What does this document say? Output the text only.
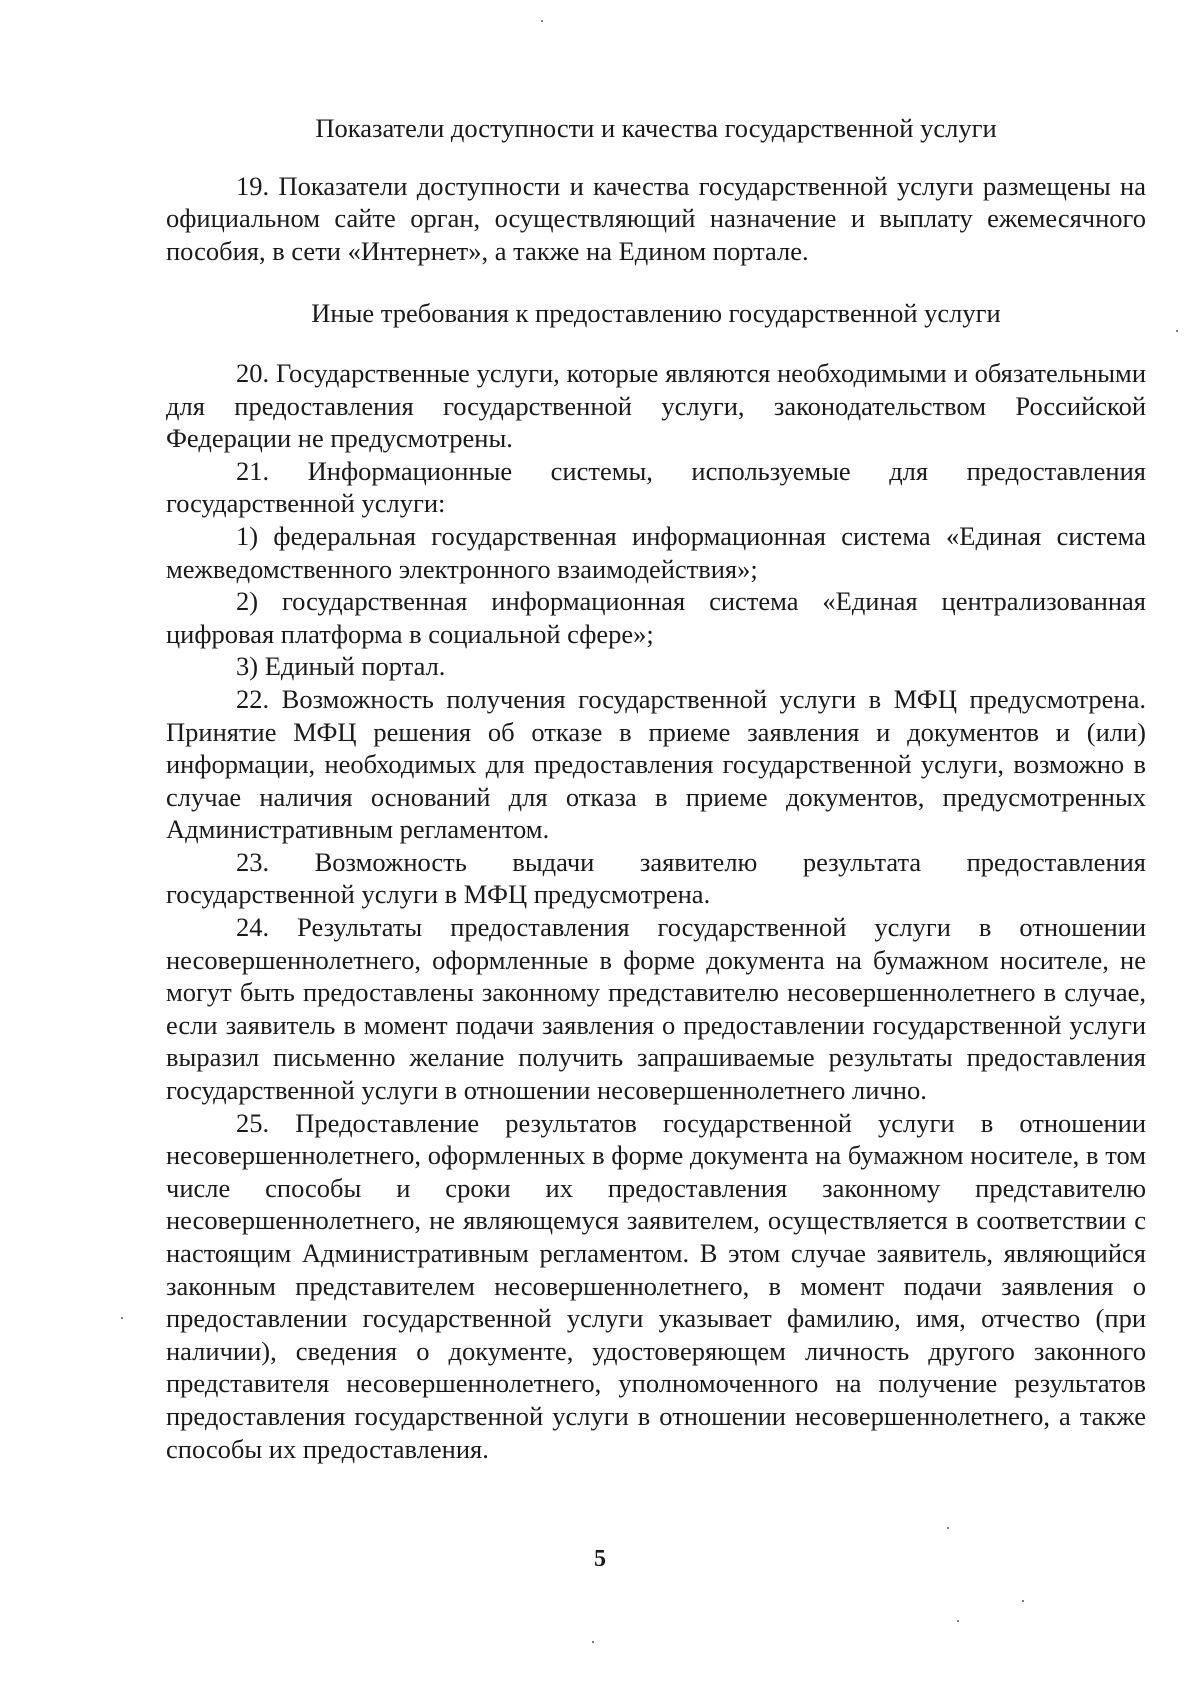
Показатели доступности и качества государственной услуги

19. Показатели доступности и качества государственной услуги размещены на официальном сайте орган, осуществляющий назначение и выплату ежемесячного пособия, в сети «Интернет», а также на Едином портале.

Иные требования к предоставлению государственной услуги

20. Государственные услуги, которые являются необходимыми и обязательными для предоставления государственной услуги, законодательством Российской Федерации не предусмотрены.

21. Информационные системы, используемые для предоставления государственной услуги:

1) федеральная государственная информационная система «Единая система межведомственного электронного взаимодействия»;

2) государственная информационная система «Единая централизованная цифровая платформа в социальной сфере»;

3) Единый портал.

22. Возможность получения государственной услуги в МФЦ предусмотрена. Принятие МФЦ решения об отказе в приеме заявления и документов и (или) информации, необходимых для предоставления государственной услуги, возможно в случае наличия оснований для отказа в приеме документов, предусмотренных Административным регламентом.

23. Возможность выдачи заявителю результата предоставления государственной услуги в МФЦ предусмотрена.

24. Результаты предоставления государственной услуги в отношении несовершеннолетнего, оформленные в форме документа на бумажном носителе, не могут быть предоставлены законному представителю несовершеннолетнего в случае, если заявитель в момент подачи заявления о предоставлении государственной услуги выразил письменно желание получить запрашиваемые результаты предоставления государственной услуги в отношении несовершеннолетнего лично.

25. Предоставление результатов государственной услуги в отношении несовершеннолетнего, оформленных в форме документа на бумажном носителе, в том числе способы и сроки их предоставления законному представителю несовершеннолетнего, не являющемуся заявителем, осуществляется в соответствии с настоящим Административным регламентом. В этом случае заявитель, являющийся законным представителем несовершеннолетнего, в момент подачи заявления о предоставлении государственной услуги указывает фамилию, имя, отчество (при наличии), сведения о документе, удостоверяющем личность другого законного представителя несовершеннолетнего, уполномоченного на получение результатов предоставления государственной услуги в отношении несовершеннолетнего, а также способы их предоставления.

5
